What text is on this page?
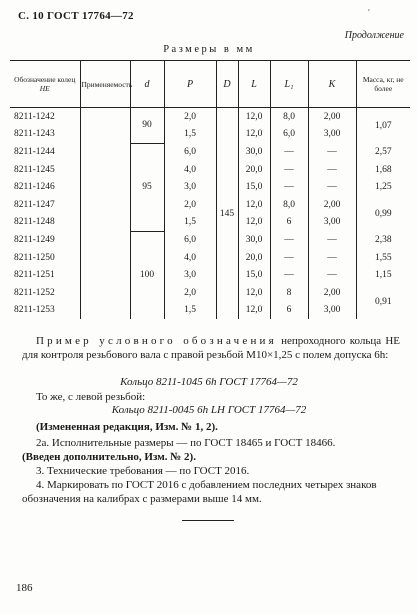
С. 10 ГОСТ 17764—72	'
Продолжение
Размеры в мм
Обозначение колец
НЕ	Применяемость	d	P	D	L	L₁	K	Масса, кг, не более
8211-1242		90	2,0	145	12,0	8,0	2,00	1,07
8211-1243			1,5		12,0	6,0	3,00	
8211-1244		95	6,0		30,0	—	—	2,57
8211-1245			4,0		20,0	—	—	1,68
8211-1246			3,0		15,0	—	—	1,25
8211-1247			2,0		12,0	8,0	2,00	0,99
8211-1248			1,5		12,0	6	3,00	
8211-1249		100	6,0		30,0	—	—	2,38
8211-1250			4,0		20,0	—	—	1,55
8211-1251			3,0		15,0	—	—	1,15
8211-1252			2,0		12,0	8	2,00	0,91
8211-1253			1,5		12,0	6	3,00	
Пример условного обозначения непроходного кольца НЕ для контроля резьбового вала с правой резьбой М10×1,25 с полем допуска 6h:
Кольцо 8211-1045 6h ГОСТ 17764—72
То же, с левой резьбой:
Кольцо 8211-0045 6h LH ГОСТ 17764—72
(Измененная редакция, Изм. № 1, 2).
2а. Исполнительные размеры — по ГОСТ 18465 и ГОСТ 18466.
(Введен дополнительно, Изм. № 2).
3. Технические требования — по ГОСТ 2016.
4. Маркировать по ГОСТ 2016 с добавлением последних четырех знаков обозначения на калибрах с размерами выше 14 мм.
186
